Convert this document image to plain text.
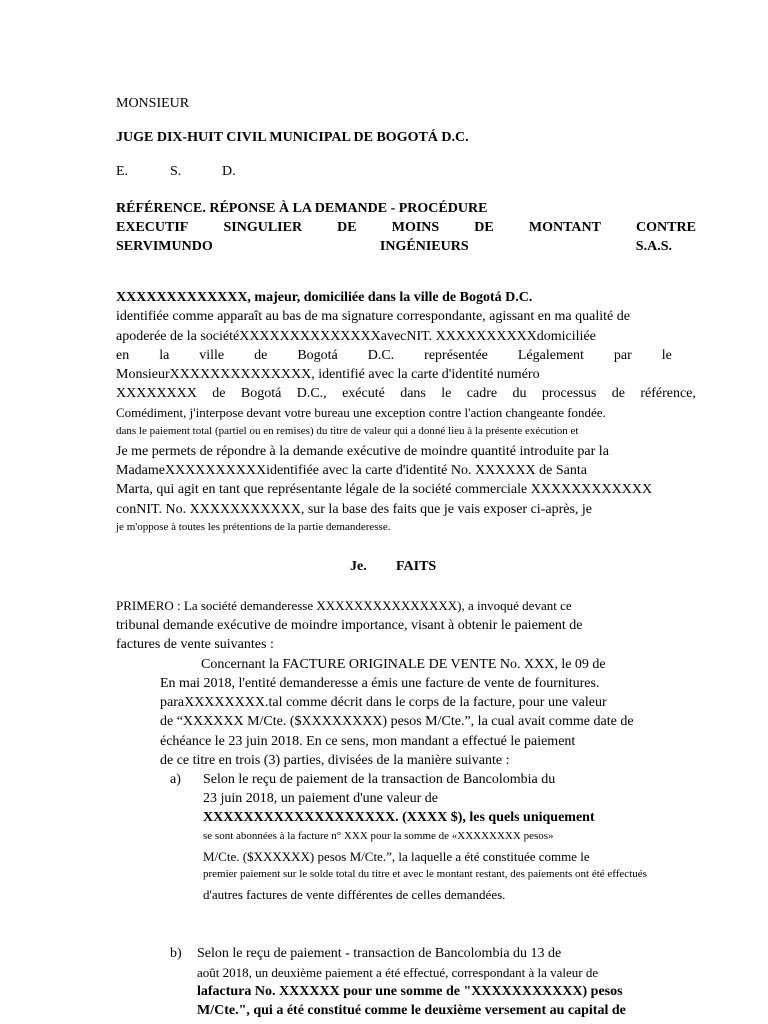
MONSIEUR
JUGE DIX-HUIT CIVIL MUNICIPAL DE BOGOTÁ D.C.
E.	S.	D.
RÉFÉRENCE. RÉPONSE À LA DEMANDE - PROCÉDURE
EXECUTIF	SINGULIER	DE	MOINS	DE	MONTANT	CONTRE
SERVIMUNDO	INGÉNIEURS	S.A.S.
XXXXXXXXXXXXX, majeur, domiciliée dans la ville de Bogotá D.C.
identifiée comme apparaît au bas de ma signature correspondante, agissant en ma qualité de
apoderée de la sociétéXXXXXXXXXXXXXXavecNIT. XXXXXXXXXXdomiciliée
en la ville de Bogotá D.C. représentée Légalement par le
MonsieurXXXXXXXXXXXXXX, identifié avec la carte d'identité numéro
XXXXXXXX de Bogotá D.C., exécuté dans le cadre du processus de référence,
Comédiment, j'interpose devant votre bureau une exception contre l'action changeante fondée.
dans le paiement total (partiel ou en remises) du titre de valeur qui a donné lieu à la présente exécution et
Je me permets de répondre à la demande exécutive de moindre quantité introduite par la
MadameXXXXXXXXXXidentifiée avec la carte d'identité No. XXXXXX de Santa
Marta, qui agit en tant que représentante légale de la société commerciale XXXXXXXXXXXX
conNIT. No. XXXXXXXXXXX, sur la base des faits que je vais exposer ci-après, je
je m'oppose à toutes les prétentions de la partie demanderesse.
Je. FAITS
PRIMERO : La société demanderesse XXXXXXXXXXXXXXX), a invoqué devant ce
tribunal demande exécutive de moindre importance, visant à obtenir le paiement de
factures de vente suivantes :
Concernant la FACTURE ORIGINALE DE VENTE No. XXX, le 09 de
En mai 2018, l'entité demanderesse a émis une facture de vente de fournitures.
paraXXXXXXXX.tal comme décrit dans le corps de la facture, pour une valeur
de “XXXXXX M/Cte. ($XXXXXXXX) pesos M/Cte.”, la cual avait comme date de
échéance le 23 juin 2018. En ce sens, mon mandant a effectué le paiement
de ce titre en trois (3) parties, divisées de la manière suivante :
a) Selon le reçu de paiement de la transaction de Bancolombia du
23 juin 2018, un paiement d'une valeur de
XXXXXXXXXXXXXXXXXXX. (XXXX $), les quels uniquement
se sont abonnées à la facture n° XXX pour la somme de «XXXXXXXX pesos»
M/Cte. ($XXXXXX) pesos M/Cte.”, la laquelle a été constituée comme le
premier paiement sur le solde total du titre et avec le montant restant, des paiements ont été effectués
d'autres factures de vente différentes de celles demandées.
b) Selon le reçu de paiement - transaction de Bancolombia du 13 de
août 2018, un deuxième paiement a été effectué, correspondant à la valeur de
lafactura No. XXXXXX pour une somme de "XXXXXXXXXXX) pesos
M/Cte.", qui a été constitué comme le deuxième versement au capital de
